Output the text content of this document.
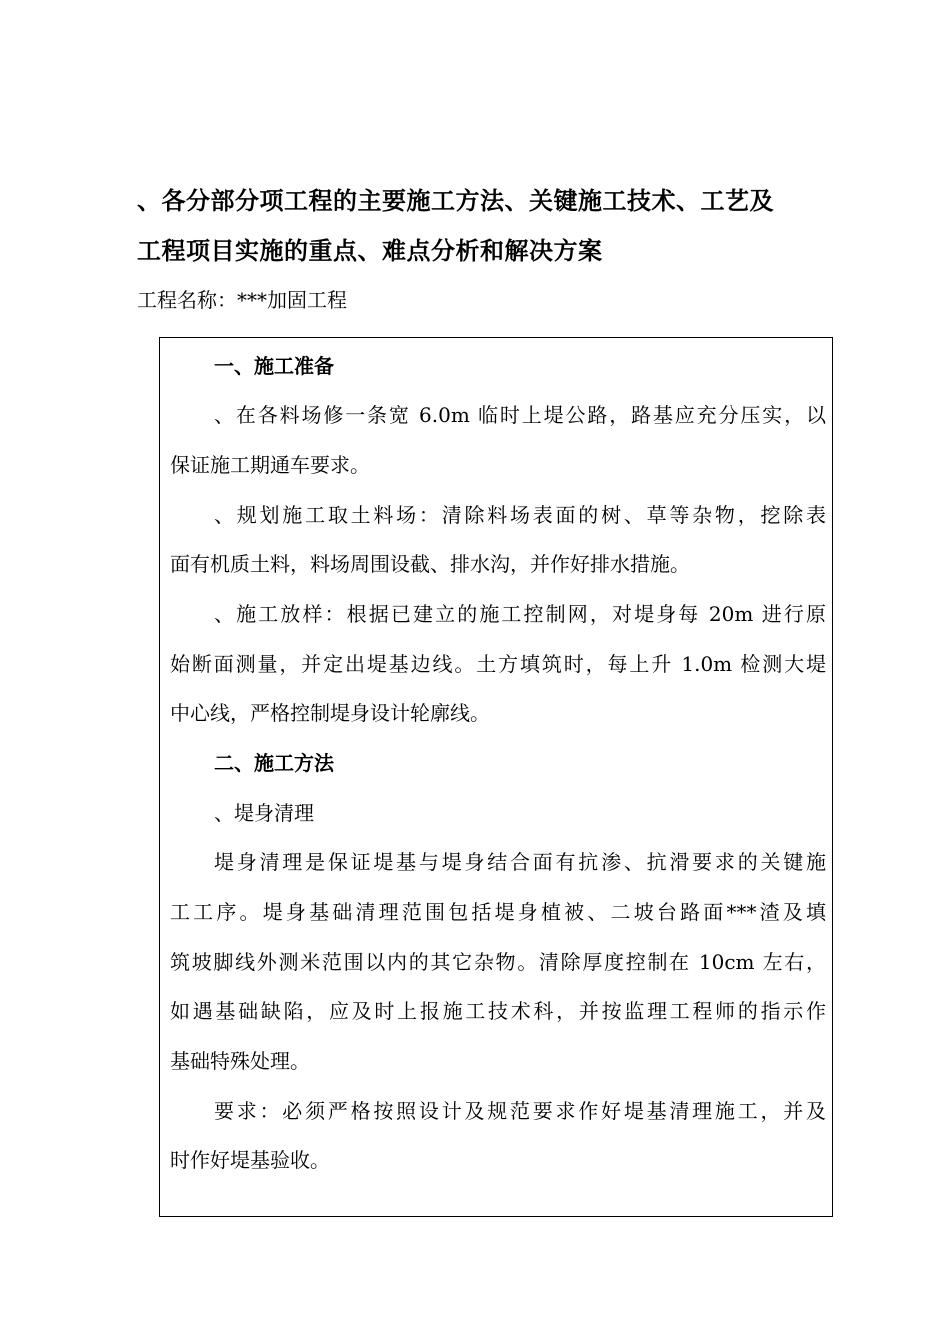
、各分部分项工程的主要施工方法、关键施工技术、工艺及
工程项目实施的重点、难点分析和解决方案
工程名称：***加固工程
一、施工准备
、在各料场修一条宽 6.0m 临时上堤公路，路基应充分压实，以
保证施工期通车要求。
、规划施工取土料场：清除料场表面的树、草等杂物，挖除表
面有机质土料，料场周围设截、排水沟，并作好排水措施。
、施工放样：根据已建立的施工控制网，对堤身每 20m 进行原
始断面测量，并定出堤基边线。土方填筑时，每上升 1.0m 检测大堤
中心线，严格控制堤身设计轮廓线。
二、施工方法
、堤身清理
堤身清理是保证堤基与堤身结合面有抗渗、抗滑要求的关键施
工工序。堤身基础清理范围包括堤身植被、二坡台路面***渣及填
筑坡脚线外测米范围以内的其它杂物。清除厚度控制在 10cm 左右，
如遇基础缺陷，应及时上报施工技术科，并按监理工程师的指示作
基础特殊处理。
要求：必须严格按照设计及规范要求作好堤基清理施工，并及
时作好堤基验收。
